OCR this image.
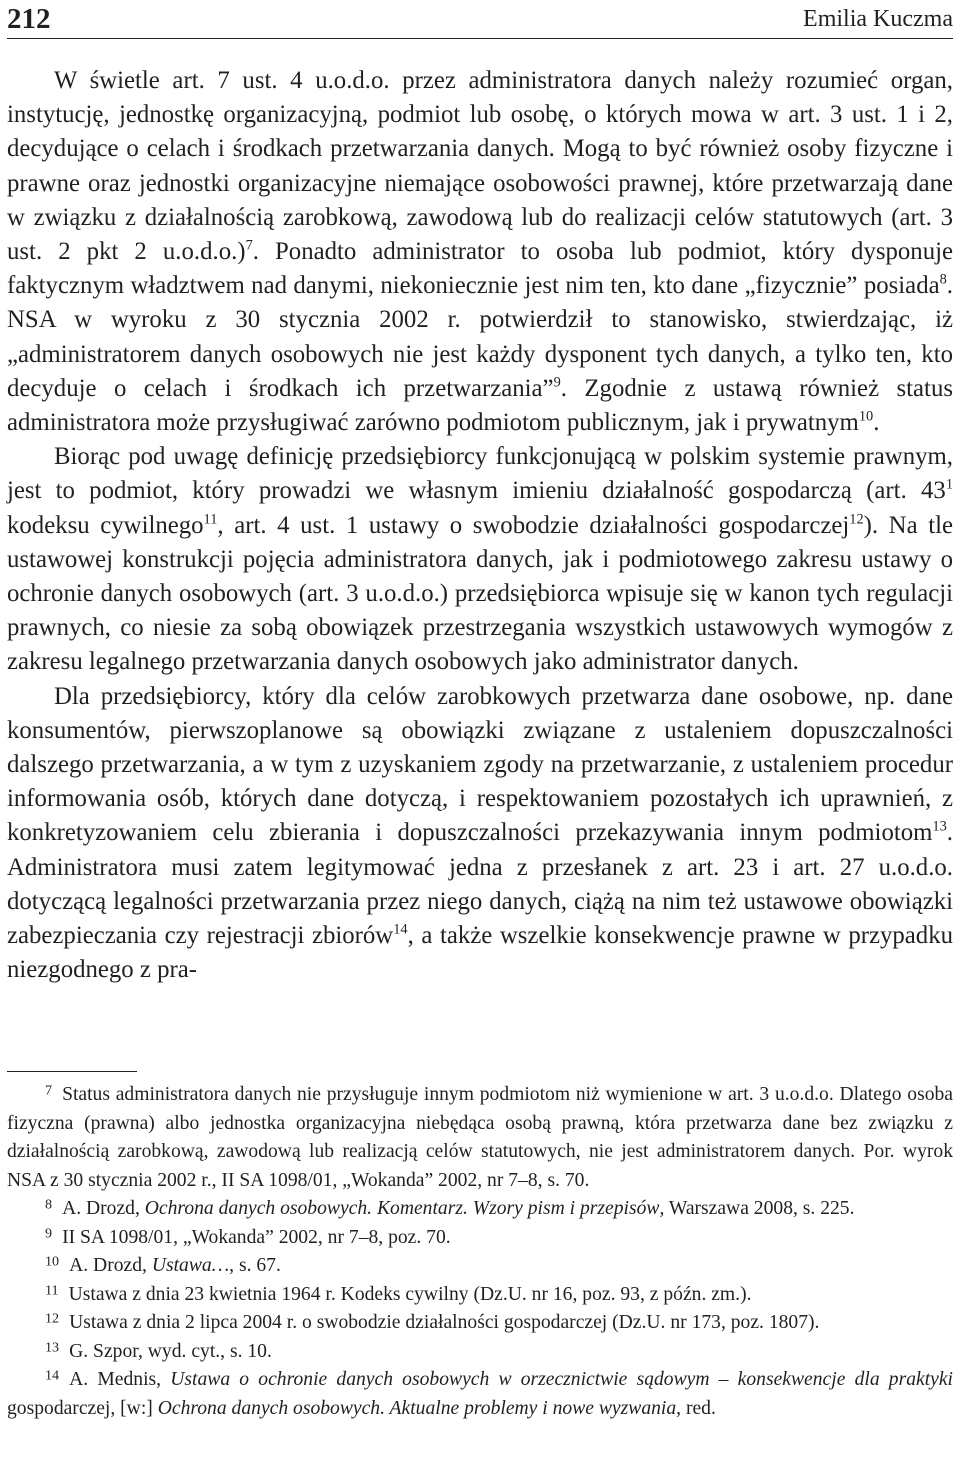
212	Emilia Kuczma

W świetle art. 7 ust. 4 u.o.d.o. przez administratora danych należy rozumieć organ, instytucję, jednostkę organizacyjną, podmiot lub osobę, o których mowa w art. 3 ust. 1 i 2, decydujące o celach i środkach przetwarzania danych. Mogą to być również osoby fizyczne i prawne oraz jednostki organizacyjne niemające osobowości prawnej, które przetwarzają dane w związku z działalnością zarobkową, zawodową lub do realizacji celów statutowych (art. 3 ust. 2 pkt 2 u.o.d.o.)$^7$. Ponadto administrator to osoba lub podmiot, który dysponuje faktycznym władztwem nad danymi, niekoniecznie jest nim ten, kto dane „fizycznie” posiada$^8$. NSA w wyroku z 30 stycznia 2002 r. potwierdził to stanowisko, stwierdzając, iż „administratorem danych osobowych nie jest każdy dysponent tych danych, a tylko ten, kto decyduje o celach i środkach ich przetwarzania”$^9$. Zgodnie z ustawą również status administratora może przysługiwać zarówno podmiotom publicznym, jak i prywatnym$^{10}$.

Biorąc pod uwagę definicję przedsiębiorcy funkcjonującą w polskim systemie prawnym, jest to podmiot, który prowadzi we własnym imieniu działalność gospodarczą (art. $43^1$ kodeksu cywilnego$^{11}$, art. 4 ust. 1 ustawy o swobodzie działalności gospodarczej$^{12}$). Na tle ustawowej konstrukcji pojęcia administratora danych, jak i podmiotowego zakresu ustawy o ochronie danych osobowych (art. 3 u.o.d.o.) przedsiębiorca wpisuje się w kanon tych regulacji prawnych, co niesie za sobą obowiązek przestrzegania wszystkich ustawowych wymogów z zakresu legalnego przetwarzania danych osobowych jako administrator danych.

Dla przedsiębiorcy, który dla celów zarobkowych przetwarza dane osobowe, np. dane konsumentów, pierwszoplanowe są obowiązki związane z ustaleniem dopuszczalności dalszego przetwarzania, a w tym z uzyskaniem zgody na przetwarzanie, z ustaleniem procedur informowania osób, których dane dotyczą, i respektowaniem pozostałych ich uprawnień, z konkretyzowaniem celu zbierania i dopuszczalności przekazywania innym podmiotom$^{13}$. Administratora musi zatem legitymować jedna z przesłanek z art. 23 i art. 27 u.o.d.o. dotyczącą legalności przetwarzania przez niego danych, ciążą na nim też ustawowe obowiązki zabezpieczania czy rejestracji zbiorów$^{14}$, a także wszelkie konsekwencje prawne w przypadku niezgodnego z pra-

$^7$ Status administratora danych nie przysługuje innym podmiotom niż wymienione w art. 3 u.o.d.o. Dlatego osoba fizyczna (prawna) albo jednostka organizacyjna niebędąca osobą prawną, która przetwarza dane bez związku z działalnością zarobkową, zawodową lub realizacją celów statutowych, nie jest administratorem danych. Por. wyrok NSA z 30 stycznia 2002 r., II SA 1098/01, „Wokanda” 2002, nr 7–8, s. 70.

$^8$ A. Drozd, Ochrona danych osobowych. Komentarz. Wzory pism i przepisów, Warszawa 2008, s. 225.

$^9$ II SA 1098/01, „Wokanda” 2002, nr 7–8, poz. 70.

$^{10}$ A. Drozd, Ustawa…, s. 67.

$^{11}$ Ustawa z dnia 23 kwietnia 1964 r. Kodeks cywilny (Dz.U. nr 16, poz. 93, z późn. zm.).

$^{12}$ Ustawa z dnia 2 lipca 2004 r. o swobodzie działalności gospodarczej (Dz.U. nr 173, poz. 1807).

$^{13}$ G. Szpor, wyd. cyt., s. 10.

$^{14}$ A. Mednis, Ustawa o ochronie danych osobowych w orzecznictwie sądowym – konsekwencje dla praktyki gospodarczej, [w:] Ochrona danych osobowych. Aktualne problemy i nowe wyzwania, red.
